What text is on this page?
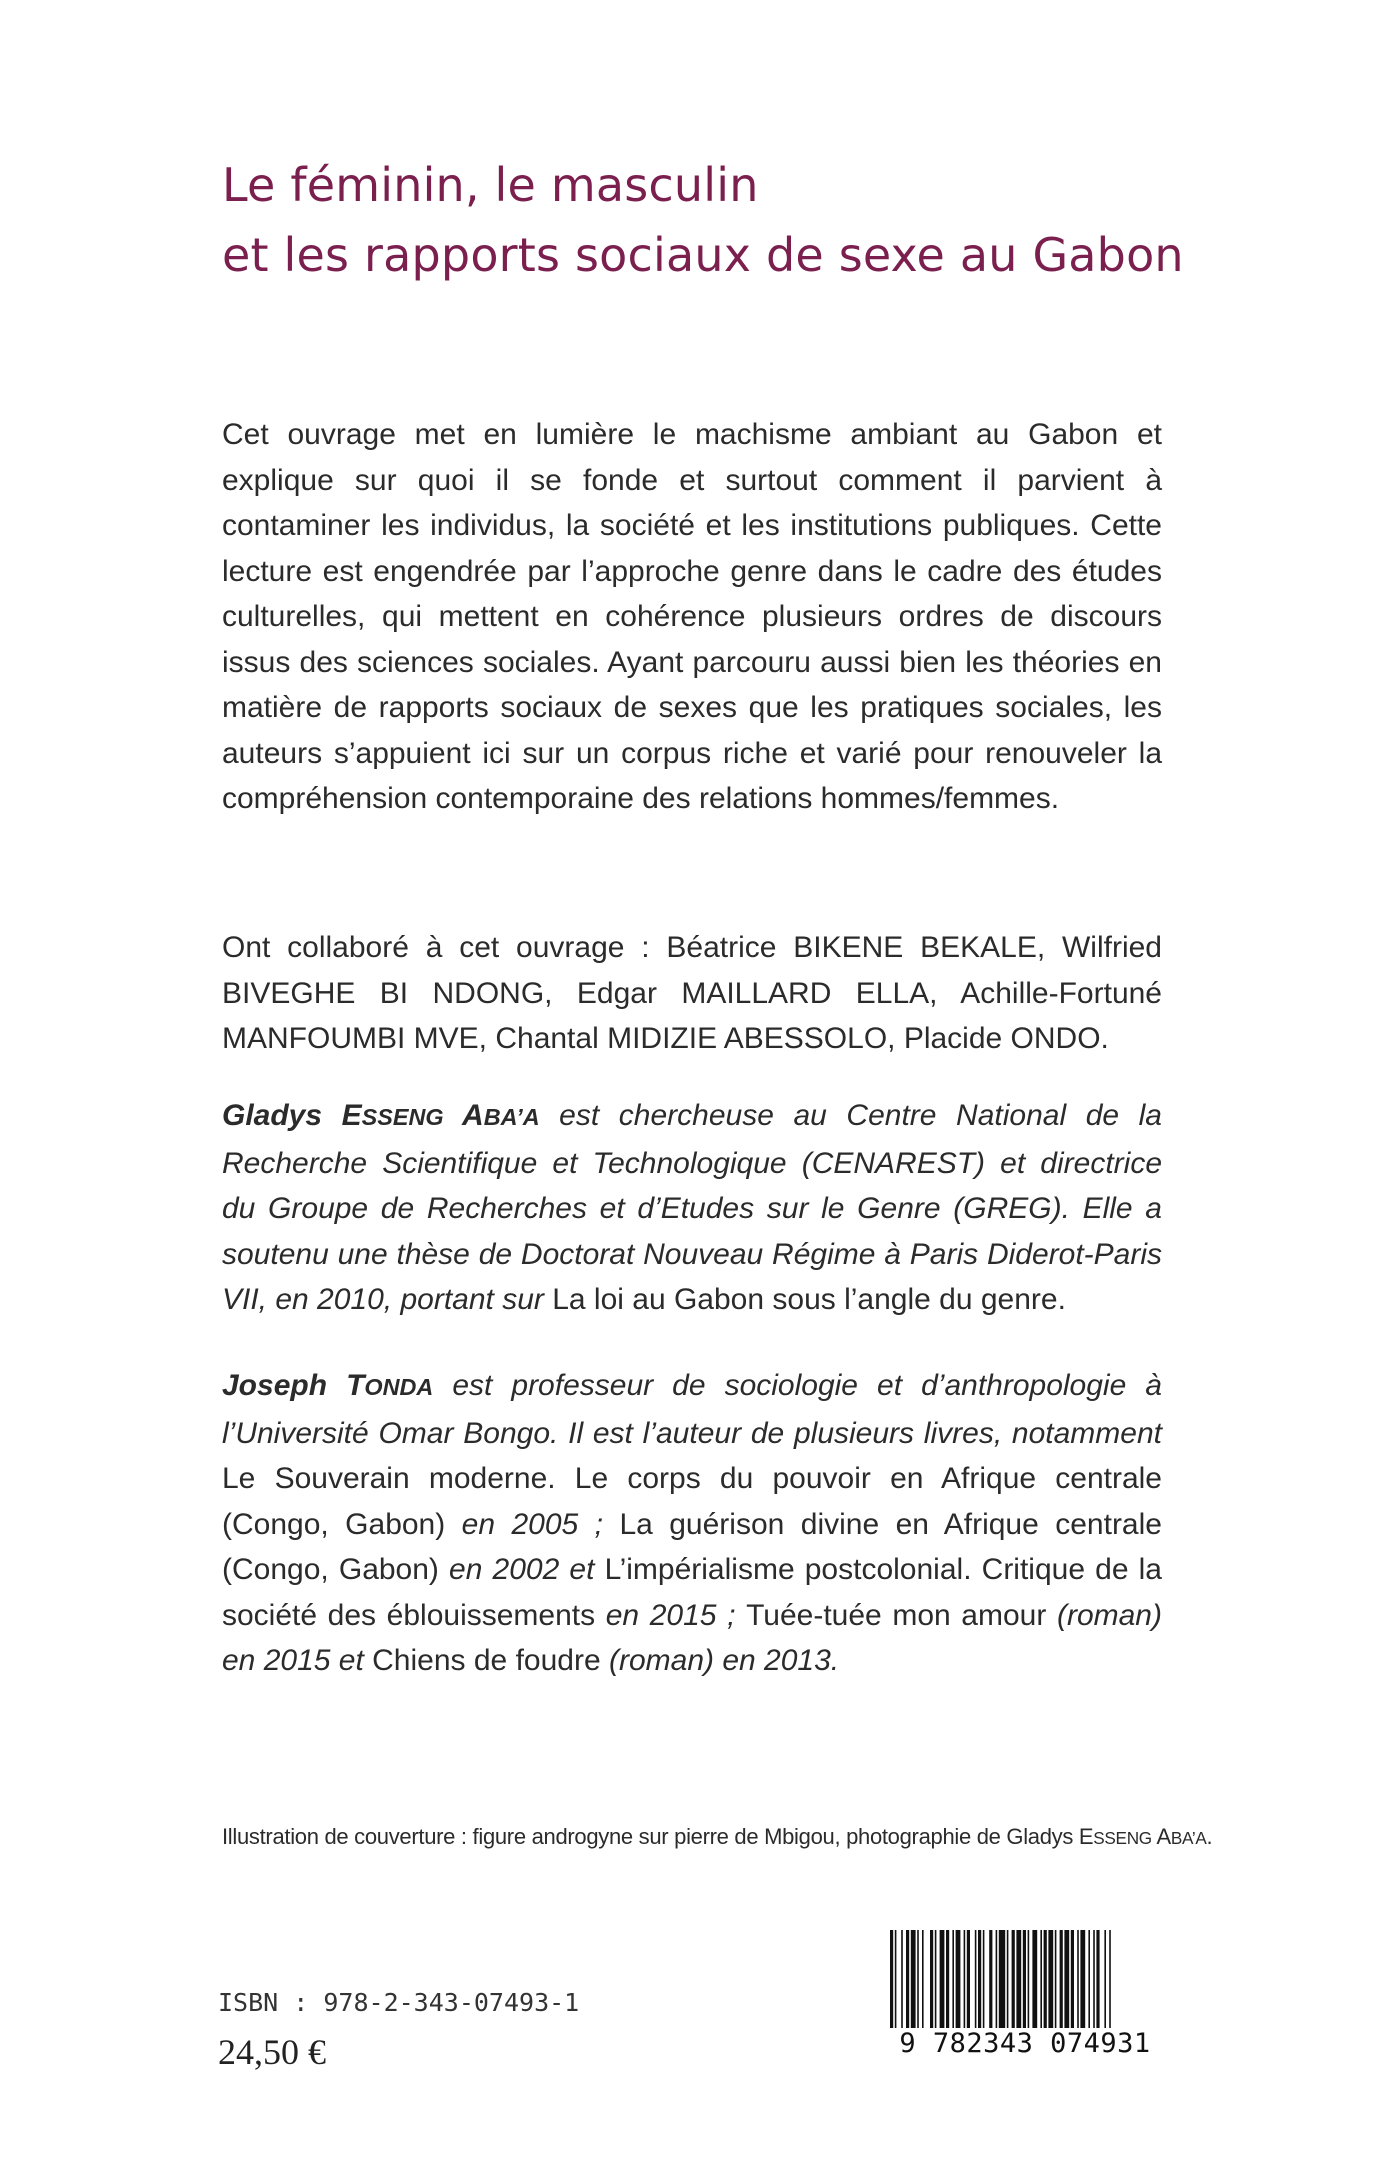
Le féminin, le masculin
et les rapports sociaux de sexe au Gabon

Cet ouvrage met en lumière le machisme ambiant au Gabon et explique sur quoi il se fonde et surtout comment il parvient à contaminer les individus, la société et les institutions publiques. Cette lecture est engendrée par l’approche genre dans le cadre des études culturelles, qui mettent en cohérence plusieurs ordres de discours issus des sciences sociales. Ayant parcouru aussi bien les théories en matière de rapports sociaux de sexes que les pratiques sociales, les auteurs s’appuient ici sur un corpus riche et varié pour renouveler la compréhension contemporaine des relations hommes/femmes.

Ont collaboré à cet ouvrage : Béatrice BIKENE BEKALE, Wilfried BIVEGHE BI NDONG, Edgar MAILLARD ELLA, Achille-Fortuné MANFOUMBI MVE, Chantal MIDIZIE ABESSOLO, Placide ONDO.

Gladys ESSENG ABA’A est chercheuse au Centre National de la Recherche Scientifique et Technologique (CENAREST) et directrice du Groupe de Recherches et d’Etudes sur le Genre (GREG). Elle a soutenu une thèse de Doctorat Nouveau Régime à Paris Diderot-Paris VII, en 2010, portant sur La loi au Gabon sous l’angle du genre.

Joseph TONDA est professeur de sociologie et d’anthropologie à l’Université Omar Bongo. Il est l’auteur de plusieurs livres, notamment Le Souverain moderne. Le corps du pouvoir en Afrique centrale (Congo, Gabon) en 2005 ; La guérison divine en Afrique centrale (Congo, Gabon) en 2002 et L’impérialisme postcolonial. Critique de la société des éblouissements en 2015 ; Tuée-tuée mon amour (roman) en 2015 et Chiens de foudre (roman) en 2013.

Illustration de couverture : figure androgyne sur pierre de Mbigou, photographie de Gladys ESSENG ABA’A.

ISBN : 978-2-343-07493-1

24,50 €	9 782343 074931
